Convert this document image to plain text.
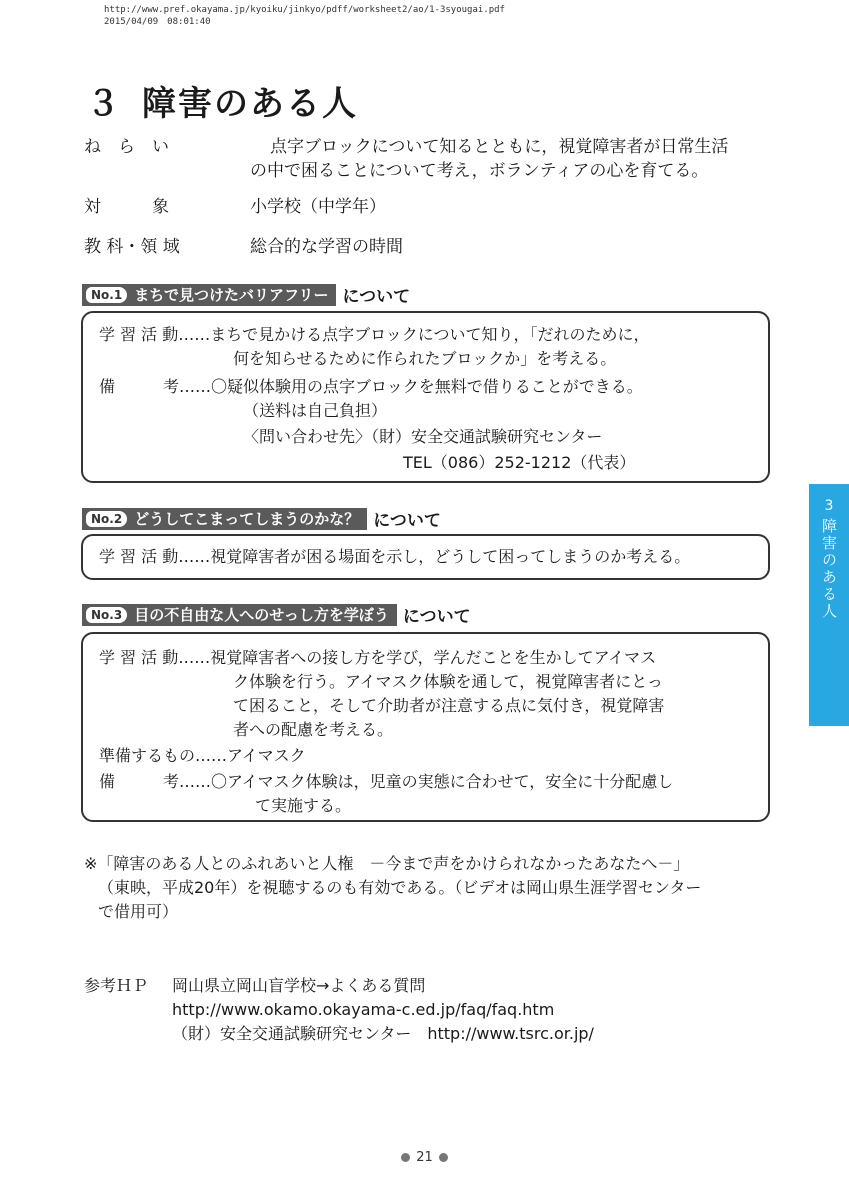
http://www.pref.okayama.jp/kyoiku/jinkyo/pdff/worksheet2/ao/1-3syougai.pdf
2015/04/09　08:01:40
３ 障害のある人
ね　ら　い	点字ブロックについて知るとともに，視覚障害者が日常生活
の中で困ることについて考え，ボランティアの心を育てる。
対　　　象	小学校（中学年）
教 科・領 域	総合的な学習の時間
No.1 まちで見つけたバリアフリー について
学 習 活 動……まちで見かける点字ブロックについて知り，「だれのために，
何を知らせるために作られたブロックか」を考える。
備　　　考……〇疑似体験用の点字ブロックを無料で借りることができる。
（送料は自己負担）
〈問い合わせ先〉（財）安全交通試験研究センター
TEL（086）252-1212（代表）
No.2 どうしてこまってしまうのかな？ について
学 習 活 動……視覚障害者が困る場面を示し，どうして困ってしまうのか考える。
No.3 目の不自由な人へのせっし方を学ぼう について
学 習 活 動……視覚障害者への接し方を学び，学んだことを生かしてアイマス
ク体験を行う。アイマスク体験を通して，視覚障害者にとっ
て困ること，そして介助者が注意する点に気付き，視覚障害
者への配慮を考える。
準備するもの……アイマスク
備　　　考……〇アイマスク体験は，児童の実態に合わせて，安全に十分配慮し
て実施する。
※「障害のある人とのふれあいと人権　－今まで声をかけられなかったあなたへ－」
（東映，平成20年）を視聴するのも有効である。（ビデオは岡山県生涯学習センター
で借用可）
参考ＨＰ 岡山県立岡山盲学校→よくある質問
http://www.okamo.okayama-c.ed.jp/faq/faq.htm
（財）安全交通試験研究センター　http://www.tsrc.or.jp/
3
障害のある人
21
